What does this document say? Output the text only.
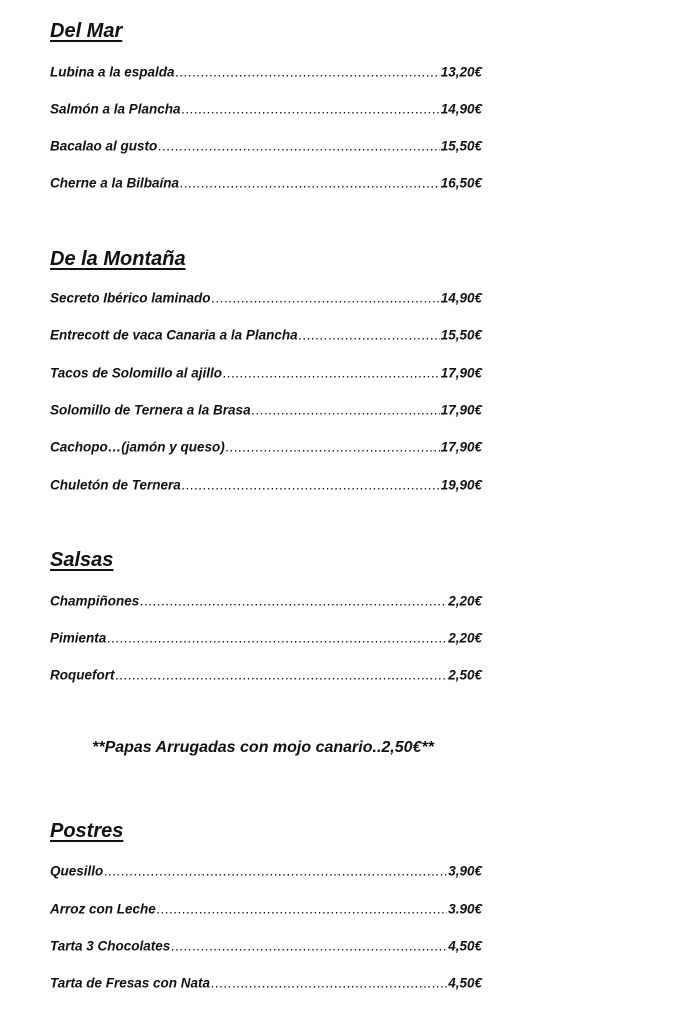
Del Mar
Lubina a la espalda .....	13,20€
Salmón a la Plancha .....	14,90€
Bacalao al gusto .....	15,50€
Cherne a la Bilbaína .....	16,50€
De la Montaña
Secreto Ibérico laminado .....	14,90€
Entrecott de vaca Canaria a la Plancha .....	15,50€
Tacos de Solomillo al ajillo .....	17,90€
Solomillo de Ternera a la Brasa .....	17,90€
Cachopo…(jamón y queso) .....	17,90€
Chuletón de Ternera .....	19,90€
Salsas
Champiñones .....	2,20€
Pimienta .....	2,20€
Roquefort .....	2,50€
Postres
Quesillo .....	3,90€
Arroz con Leche .....	3.90€
Tarta 3 Chocolates .....	4,50€
Tarta de Fresas con Nata .....	4,50€
**Papas Arrugadas con mojo canario..2,50€**
